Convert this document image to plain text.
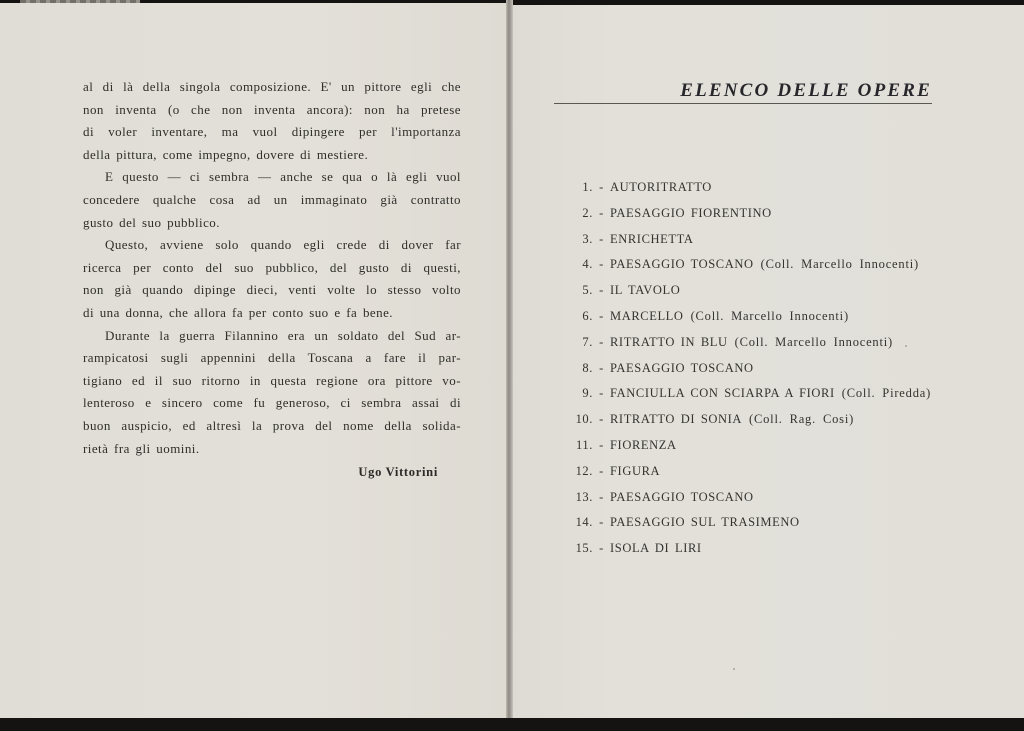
al di là della singola composizione. E' un pittore egli che
non inventa (o che non inventa ancora): non ha pretese
di voler inventare, ma vuol dipingere per l'importanza
della pittura, come impegno, dovere di mestiere.
E questo — ci sembra — anche se qua o là egli vuol
concedere qualche cosa ad un immaginato già contratto
gusto del suo pubblico.
Questo, avviene solo quando egli crede di dover far
ricerca per conto del suo pubblico, del gusto di questi,
non già quando dipinge dieci, venti volte lo stesso volto
di una donna, che allora fa per conto suo e fa bene.
Durante la guerra Filannino era un soldato del Sud ar-
rampicatosi sugli appennini della Toscana a fare il par-
tigiano ed il suo ritorno in questa regione ora pittore vo-
lenteroso e sincero come fu generoso, ci sembra assai di
buon auspicio, ed altresì la prova del nome della solida-
rietà fra gli uomini.
Ugo Vittorini
ELENCO DELLE OPERE
1. - AUTORITRATTO
2. - PAESAGGIO FIORENTINO
3. - ENRICHETTA
4. - PAESAGGIO TOSCANO (Coll. Marcello Innocenti)
5. - IL TAVOLO
6. - MARCELLO (Coll. Marcello Innocenti)
7. - RITRATTO IN BLU (Coll. Marcello Innocenti)
8. - PAESAGGIO TOSCANO
9. - FANCIULLA CON SCIARPA A FIORI (Coll. Piredda)
10. - RITRATTO DI SONIA (Coll. Rag. Cosi)
11. - FIORENZA
12. - FIGURA
13. - PAESAGGIO TOSCANO
14. - PAESAGGIO SUL TRASIMENO
15. - ISOLA DI LIRI
